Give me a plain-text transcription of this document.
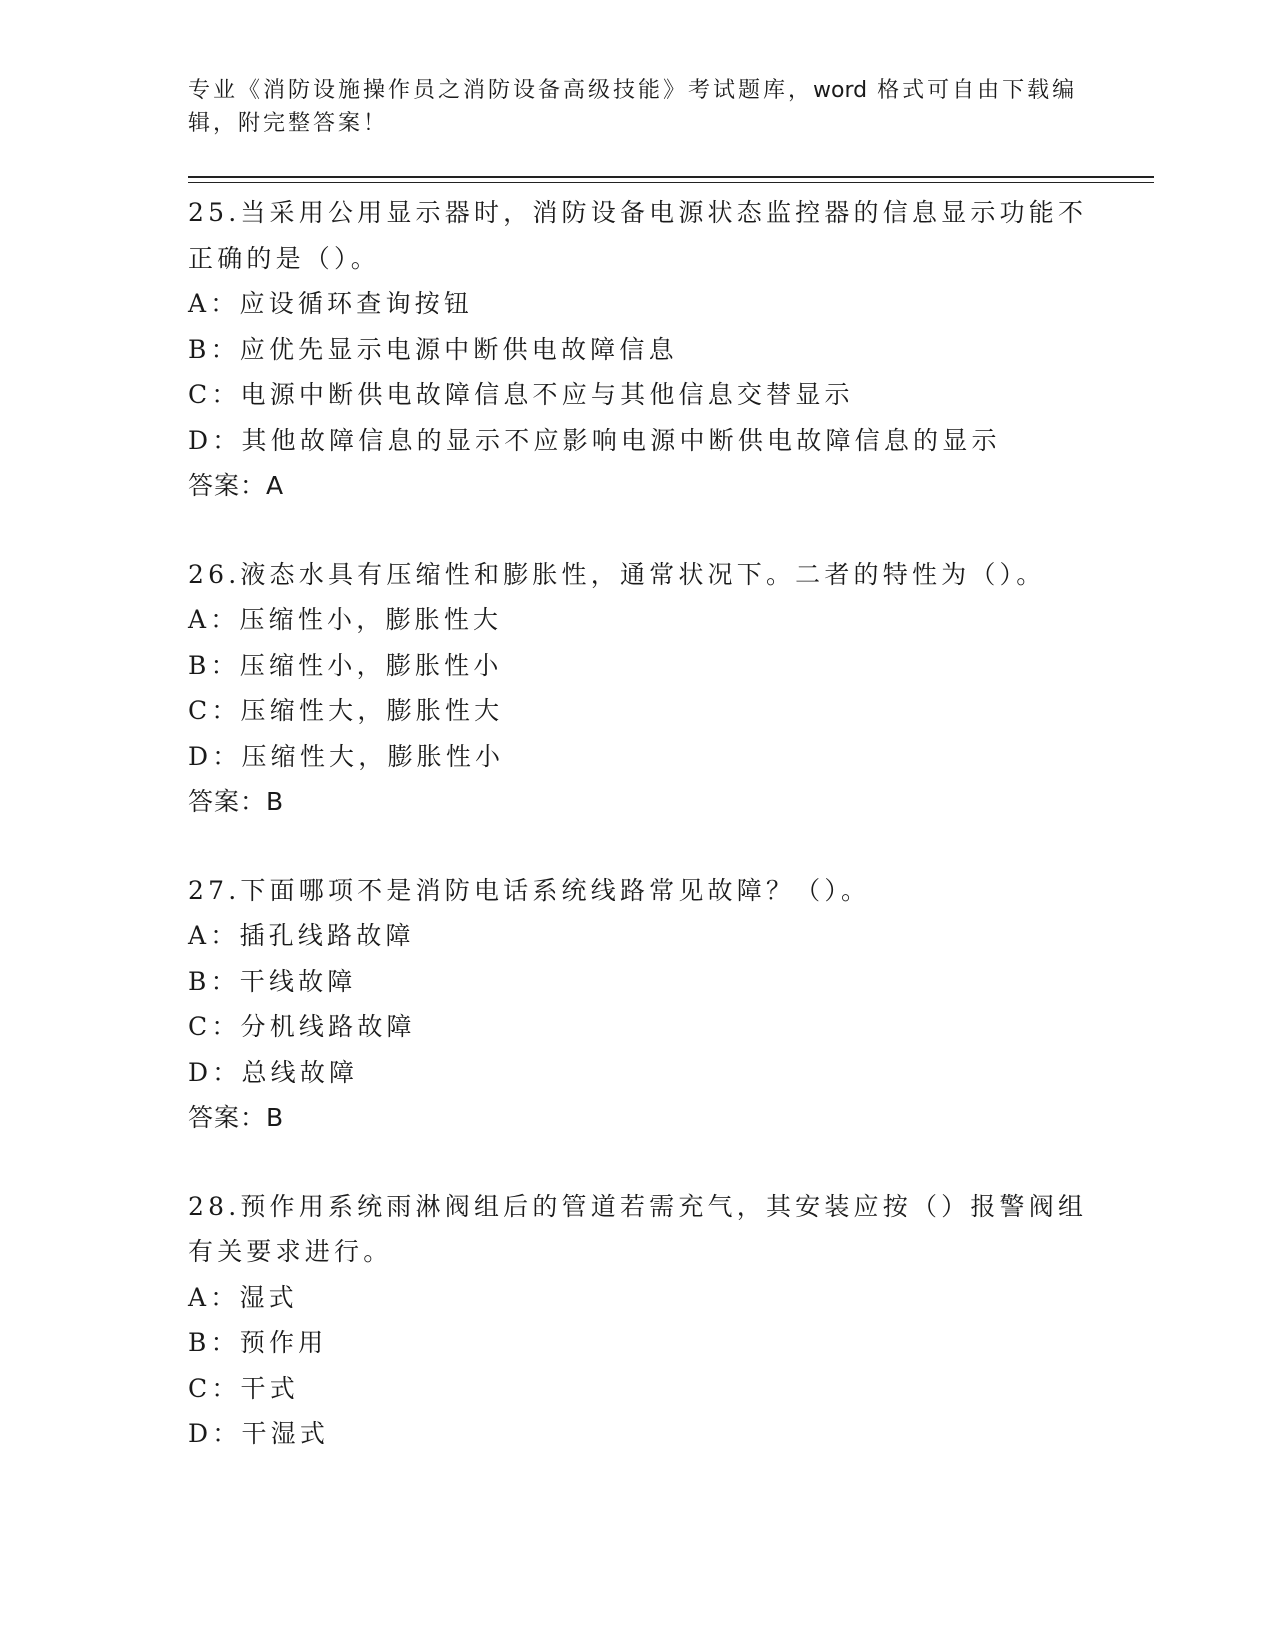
专业《消防设施操作员之消防设备高级技能》考试题库，word 格式可自由下载编
辑，附完整答案！

25.当采用公用显示器时，消防设备电源状态监控器的信息显示功能不正确的是（）。

A：应设循环查询按钮
B：应优先显示电源中断供电故障信息
C：电源中断供电故障信息不应与其他信息交替显示
D：其他故障信息的显示不应影响电源中断供电故障信息的显示

答案：A

26.液态水具有压缩性和膨胀性，通常状况下。二者的特性为（）。

A：压缩性小，膨胀性大
B：压缩性小，膨胀性小
C：压缩性大，膨胀性大
D：压缩性大，膨胀性小

答案：B

27.下面哪项不是消防电话系统线路常见故障？（）。

A：插孔线路故障
B：干线故障
C：分机线路故障
D：总线故障

答案：B

28.预作用系统雨淋阀组后的管道若需充气，其安装应按（）报警阀组有关要求进行。

A：湿式
B：预作用
C：干式
D：干湿式
